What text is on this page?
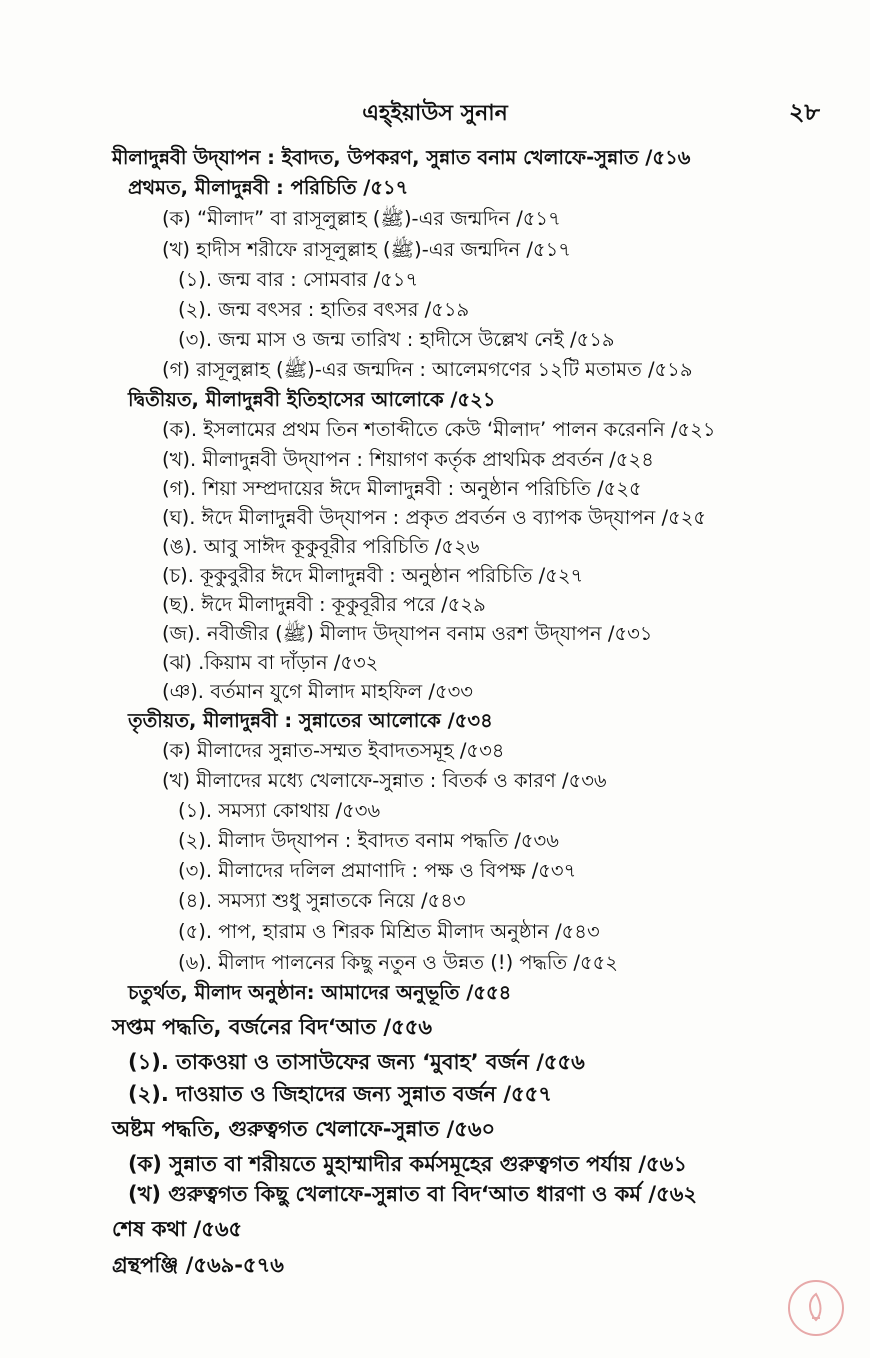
এহ্ইয়াউস সুনান	২৮
মীলাদুন্নবী উদ্‌যাপন : ইবাদত, উপকরণ, সুন্নাত বনাম খেলাফে-সুন্নাত /৫১৬
প্রথমত, মীলাদুন্নবী : পরিচিতি /৫১৭
(ক) “মীলাদ” বা রাসূলুল্লাহ (ﷺ)-এর জন্মদিন /৫১৭
(খ) হাদীস শরীফে রাসূলুল্লাহ (ﷺ)-এর জন্মদিন /৫১৭
(১). জন্ম বার : সোমবার /৫১৭
(২). জন্ম বৎসর : হাতির বৎসর /৫১৯
(৩). জন্ম মাস ও জন্ম তারিখ : হাদীসে উল্লেখ নেই /৫১৯
(গ) রাসূলুল্লাহ (ﷺ)-এর জন্মদিন : আলেমগণের ১২টি মতামত /৫১৯
দ্বিতীয়ত, মীলাদুন্নবী ইতিহাসের আলোকে /৫২১
(ক). ইসলামের প্রথম তিন শতাব্দীতে কেউ ‘মীলাদ’ পালন করেননি /৫২১
(খ). মীলাদুন্নবী উদ্‌যাপন : শিয়াগণ কর্তৃক প্রাথমিক প্রবর্তন /৫২৪
(গ). শিয়া সম্প্রদায়ের ঈদে মীলাদুন্নবী : অনুষ্ঠান পরিচিতি /৫২৫
(ঘ). ঈদে মীলাদুন্নবী উদ্‌যাপন : প্রকৃত প্রবর্তন ও ব্যাপক উদ্‌যাপন /৫২৫
(ঙ). আবু সাঈদ কূকুবূরীর পরিচিতি /৫২৬
(চ). কূকুবুরীর ঈদে মীলাদুন্নবী : অনুষ্ঠান পরিচিতি /৫২৭
(ছ). ঈদে মীলাদুন্নবী : কূকুবূরীর পরে /৫২৯
(জ). নবীজীর (ﷺ) মীলাদ উদ্‌যাপন বনাম ওরশ উদ্‌যাপন /৫৩১
(ঝ) .কিয়াম বা দাঁড়ান /৫৩২
(ঞ). বর্তমান যুগে মীলাদ মাহফিল /৫৩৩
তৃতীয়ত, মীলাদুন্নবী : সুন্নাতের আলোকে /৫৩৪
(ক) মীলাদের সুন্নাত-সম্মত ইবাদতসমূহ /৫৩৪
(খ) মীলাদের মধ্যে খেলাফে-সুন্নাত : বিতর্ক ও কারণ /৫৩৬
(১). সমস্যা কোথায় /৫৩৬
(২). মীলাদ উদ্‌যাপন : ইবাদত বনাম পদ্ধতি /৫৩৬
(৩). মীলাদের দলিল প্রমাণাদি : পক্ষ ও বিপক্ষ /৫৩৭
(৪). সমস্যা শুধু সুন্নাতকে নিয়ে /৫৪৩
(৫). পাপ, হারাম ও শিরক মিশ্রিত মীলাদ অনুষ্ঠান /৫৪৩
(৬). মীলাদ পালনের কিছু নতুন ও উন্নত (!) পদ্ধতি /৫৫২
চতুর্থত, মীলাদ অনুষ্ঠান: আমাদের অনুভূতি /৫৫৪
সপ্তম পদ্ধতি, বর্জনের বিদ‘আত /৫৫৬
(১). তাকওয়া ও তাসাউফের জন্য ‘মুবাহ’ বর্জন /৫৫৬
(২). দাওয়াত ও জিহাদের জন্য সুন্নাত বর্জন /৫৫৭
অষ্টম পদ্ধতি, গুরুত্বগত খেলাফে-সুন্নাত /৫৬০
(ক) সুন্নাত বা শরীয়তে মুহাম্মাদীর কর্মসমূহের গুরুত্বগত পর্যায় /৫৬১
(খ) গুরুত্বগত কিছু খেলাফে-সুন্নাত বা বিদ‘আত ধারণা ও কর্ম /৫৬২
শেষ কথা /৫৬৫
গ্রন্থপঞ্জি /৫৬৯-৫৭৬
